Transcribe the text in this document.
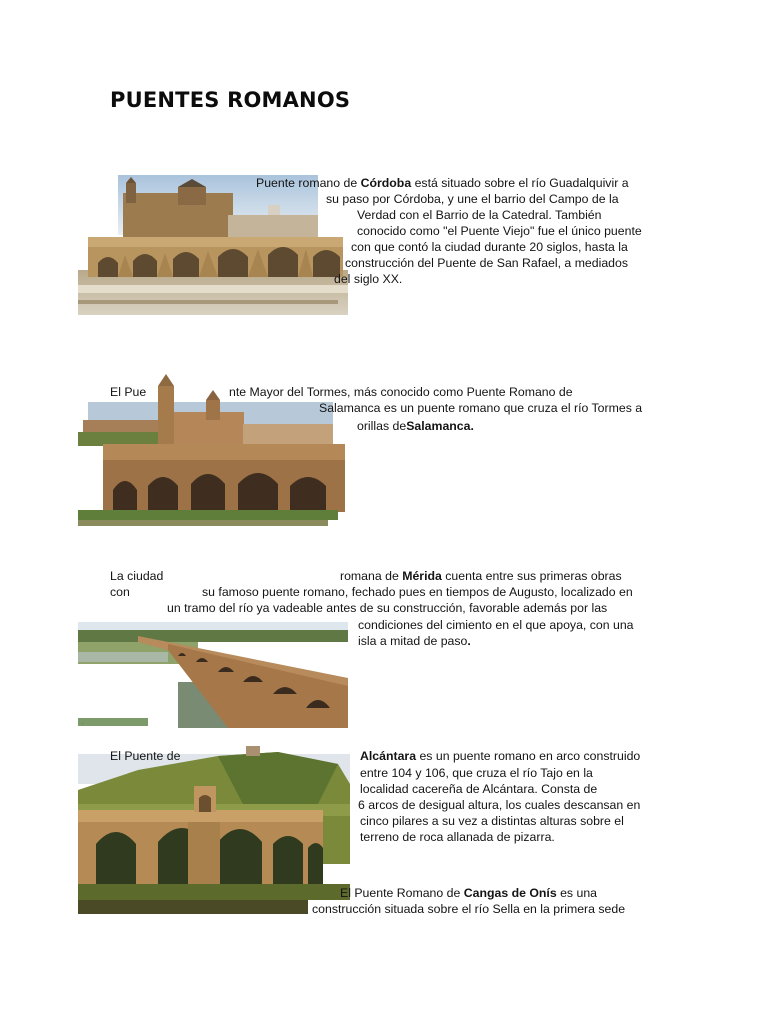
PUENTES ROMANOS
Puente romano de Córdoba está situado sobre el río Guadalquivir a
su paso por Córdoba, y une el barrio del Campo de la
Verdad con el Barrio de la Catedral. También
conocido como "el Puente Viejo" fue el único puente
con que contó la ciudad durante 20 siglos, hasta la
construcción del Puente de San Rafael, a mediados
del siglo XX.
El Pue	nte Mayor del Tormes, más conocido como Puente Romano de
Salamanca es un puente romano que cruza el río Tormes a
orillas deSalamanca.
·
La ciudad	romana de Mérida cuenta entre sus primeras obras
con	su famoso puente romano, fechado pues en tiempos de Augusto, localizado en
un tramo del río ya vadeable antes de su construcción, favorable además por las
condiciones del cimiento en el que apoya, con una
isla a mitad de paso.
El Puente de	Alcántara es un puente romano en arco construido
entre 104 y 106, que cruza el río Tajo en la
localidad cacereña de Alcántara. Consta de
6 arcos de desigual altura, los cuales descansan en
cinco pilares a su vez a distintas alturas sobre el
terreno de roca allanada de pizarra.
El Puente Romano de Cangas de Onís es una
construcción situada sobre el río Sella en la primera sede
